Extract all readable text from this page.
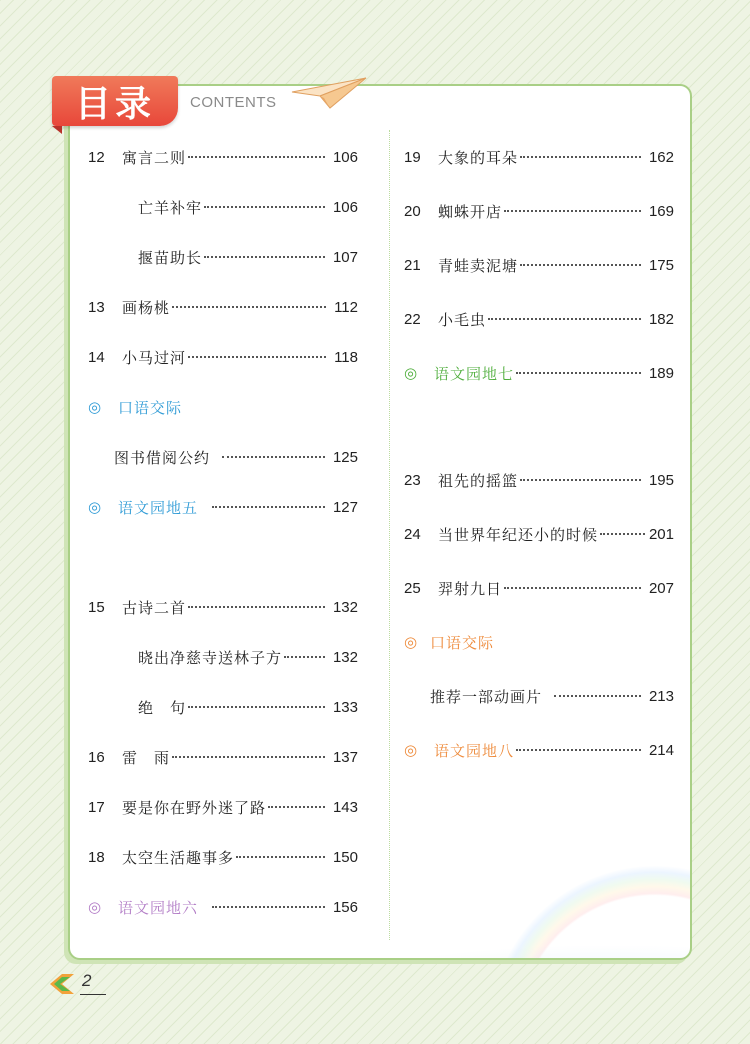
目录	CONTENTS
12	寓言二则	106
亡羊补牢	106
揠苗助长	107
13	画杨桃	112
14	小马过河	118
◎	口语交际
图书借阅公约	125
◎	语文园地五	127
15	古诗二首	132
晓出净慈寺送林子方	132
绝　句	133
16	雷　雨	137
17	要是你在野外迷了路	143
18	太空生活趣事多	150
◎	语文园地六	156
19	大象的耳朵	162
20	蜘蛛开店	169
21	青蛙卖泥塘	175
22	小毛虫	182
◎	语文园地七	189
23	祖先的摇篮	195
24	当世界年纪还小的时候	201
25	羿射九日	207
◎ 口语交际
推荐一部动画片	213
◎	语文园地八	214
2
